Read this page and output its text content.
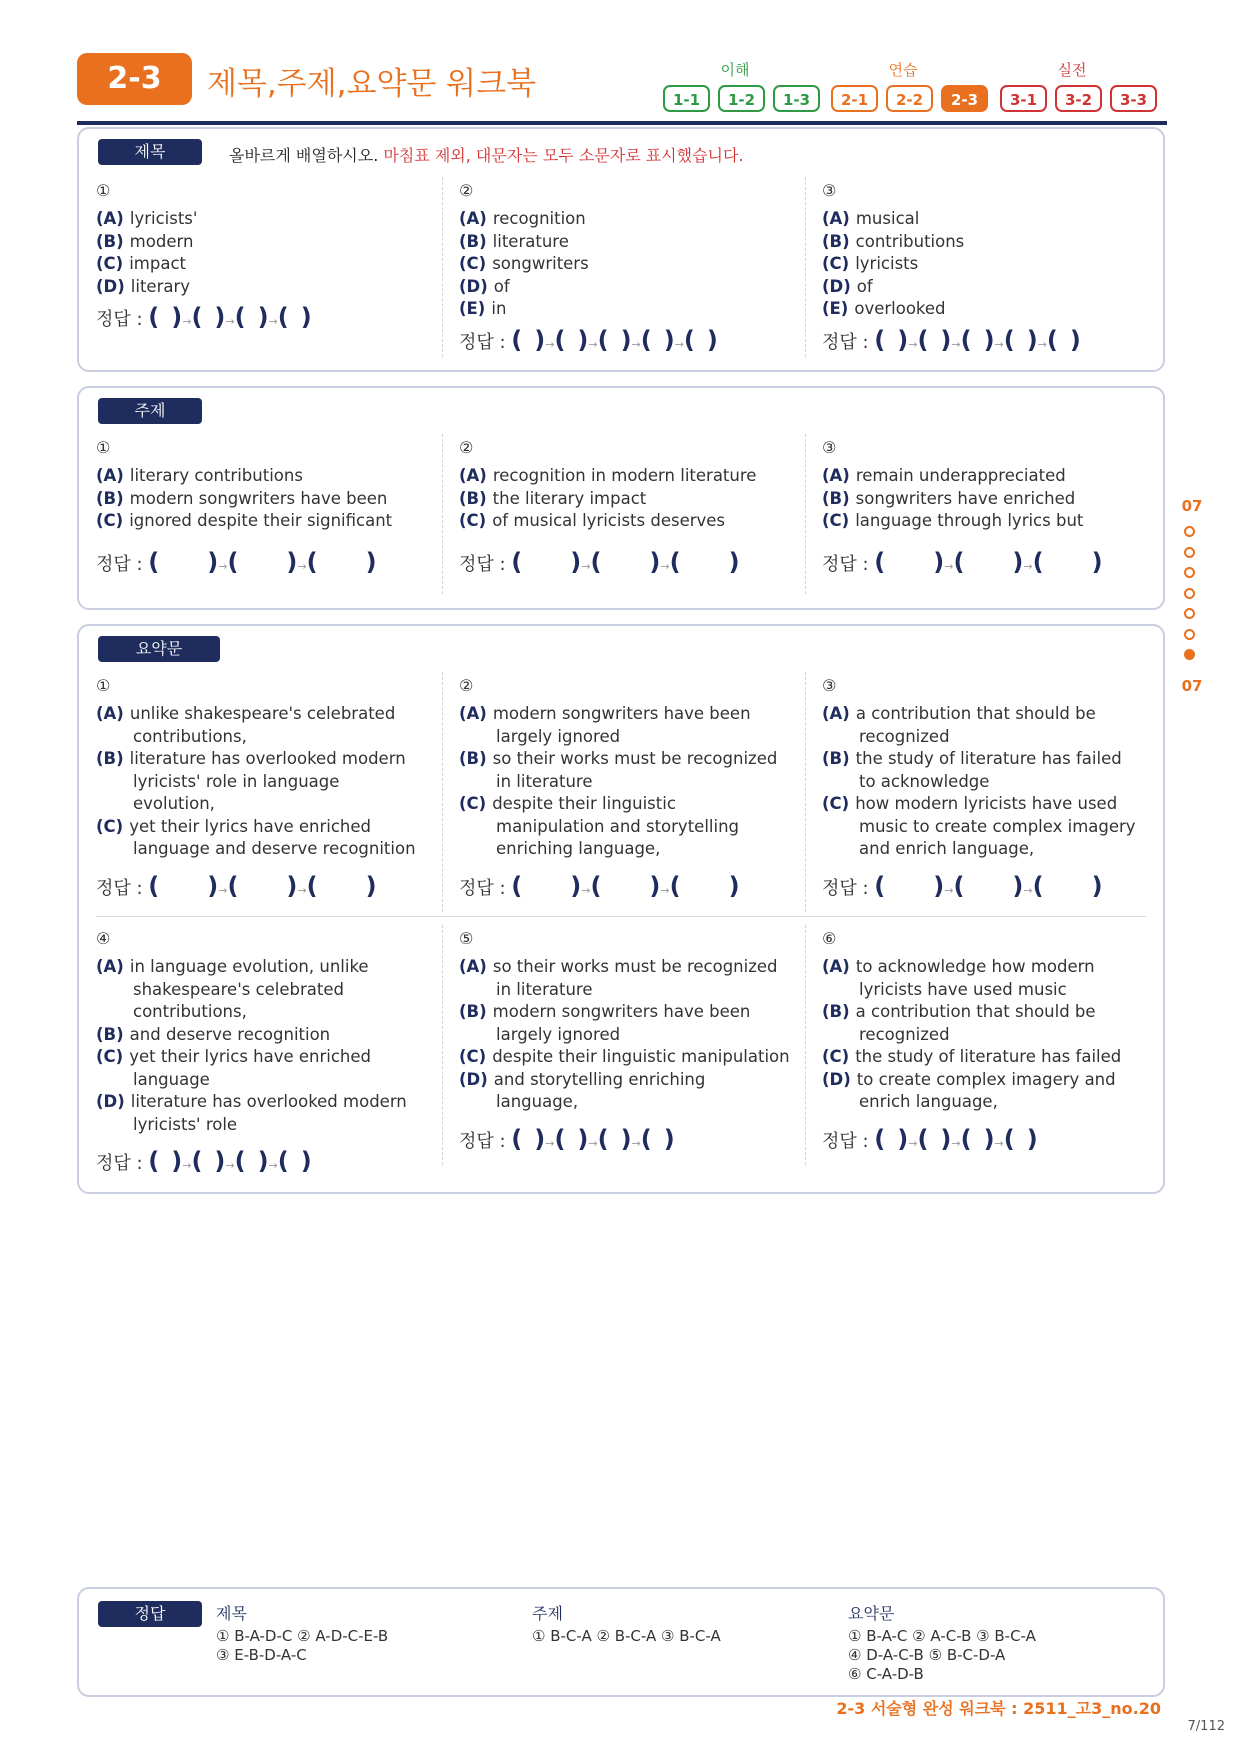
2-3	제목,주제,요약문 워크북	이해
1-1	1-2	1-3
연습
2-1	2-2	2-3
실전
3-1	3-2	3-3
제목	올바르게 배열하시오. 마침표 제외, 대문자는 모두 소문자로 표시했습니다.
①
(A) lyricists'
(B) modern
(C) impact
(D) literary
정답 : ( )→( )→( )→( )
②
(A) recognition
(B) literature
(C) songwriters
(D) of
(E) in
정답 : ( )→( )→( )→( )→( )
③
(A) musical
(B) contributions
(C) lyricists
(D) of
(E) overlooked
정답 : ( )→( )→( )→( )→( )
주제
①
(A) literary contributions
(B) modern songwriters have been
(C) ignored despite their significant
정답 : (  )→(  )→(  )
②
(A) recognition in modern literature
(B) the literary impact
(C) of musical lyricists deserves
정답 : (  )→(  )→(  )
③
(A) remain underappreciated
(B) songwriters have enriched
(C) language through lyrics but
정답 : (  )→(  )→(  )
요약문
①
(A) unlike shakespeare's celebrated
contributions,
(B) literature has overlooked modern
lyricists' role in language
evolution,
(C) yet their lyrics have enriched
language and deserve recognition
정답 : (  )→(  )→(  )
②
(A) modern songwriters have been
largely ignored
(B) so their works must be recognized
in literature
(C) despite their linguistic
manipulation and storytelling
enriching language,
정답 : (  )→(  )→(  )
③
(A) a contribution that should be
recognized
(B) the study of literature has failed
to acknowledge
(C) how modern lyricists have used
music to create complex imagery
and enrich language,
정답 : (  )→(  )→(  )
④
(A) in language evolution, unlike
shakespeare's celebrated
contributions,
(B) and deserve recognition
(C) yet their lyrics have enriched
language
(D) literature has overlooked modern
lyricists' role
정답 : ( )→( )→( )→( )
⑤
(A) so their works must be recognized
in literature
(B) modern songwriters have been
largely ignored
(C) despite their linguistic manipulation
(D) and storytelling enriching
language,
정답 : ( )→( )→( )→( )
⑥
(A) to acknowledge how modern
lyricists have used music
(B) a contribution that should be
recognized
(C) the study of literature has failed
(D) to create complex imagery and
enrich language,
정답 : ( )→( )→( )→( )
07
07
정답	제목
① B-A-D-C ② A-D-C-E-B
③ E-B-D-A-C
주제
① B-C-A ② B-C-A ③ B-C-A
요약문
① B-A-C ② A-C-B ③ B-C-A
④ D-A-C-B ⑤ B-C-D-A
⑥ C-A-D-B
2-3 서술형 완성 워크북 : 2511_고3_no.20
7/112
